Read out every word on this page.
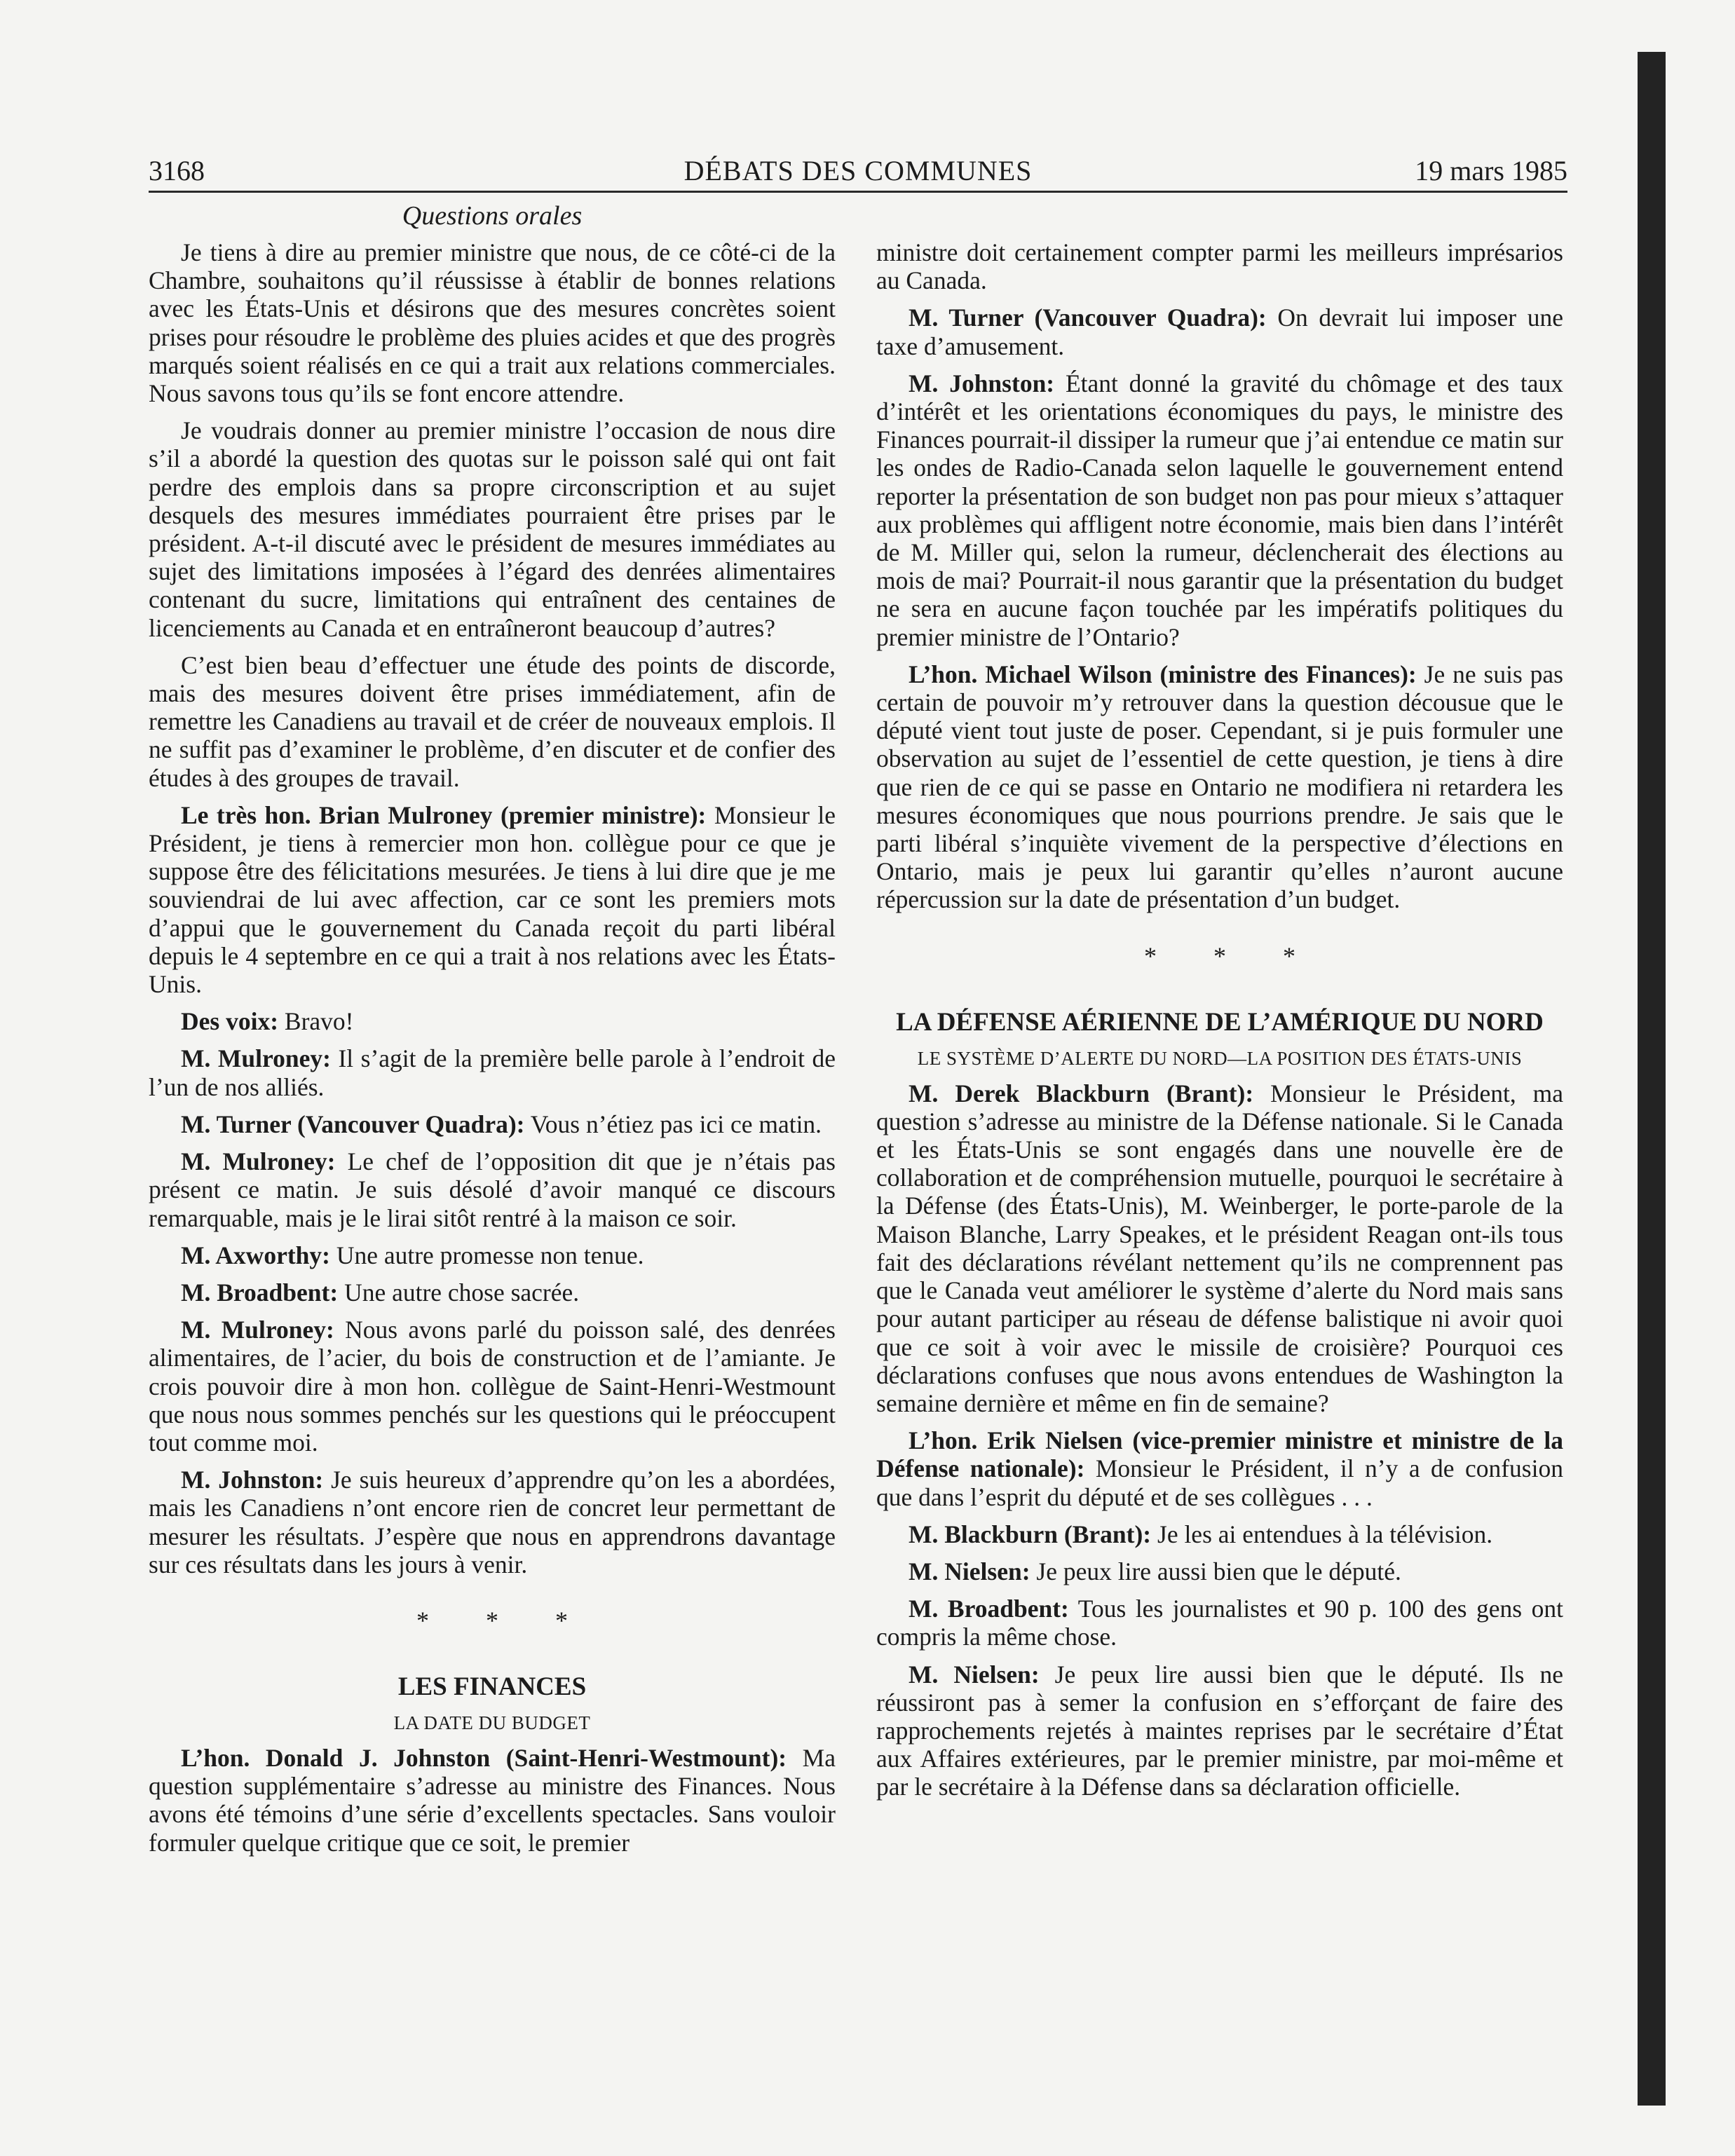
3168	DÉBATS DES COMMUNES	19 mars 1985
Questions orales

Je tiens à dire au premier ministre que nous, de ce côté-ci de la Chambre, souhaitons qu’il réussisse à établir de bonnes relations avec les États-Unis et désirons que des mesures concrètes soient prises pour résoudre le problème des pluies acides et que des progrès marqués soient réalisés en ce qui a trait aux relations commerciales. Nous savons tous qu’ils se font encore attendre.

Je voudrais donner au premier ministre l’occasion de nous dire s’il a abordé la question des quotas sur le poisson salé qui ont fait perdre des emplois dans sa propre circonscription et au sujet desquels des mesures immédiates pourraient être prises par le président. A-t-il discuté avec le président de mesures immédiates au sujet des limitations imposées à l’égard des denrées alimentaires contenant du sucre, limitations qui entraînent des centaines de licenciements au Canada et en entraîneront beaucoup d’autres?

C’est bien beau d’effectuer une étude des points de discorde, mais des mesures doivent être prises immédiatement, afin de remettre les Canadiens au travail et de créer de nouveaux emplois. Il ne suffit pas d’examiner le problème, d’en discuter et de confier des études à des groupes de travail.

Le très hon. Brian Mulroney (premier ministre): Monsieur le Président, je tiens à remercier mon hon. collègue pour ce que je suppose être des félicitations mesurées. Je tiens à lui dire que je me souviendrai de lui avec affection, car ce sont les premiers mots d’appui que le gouvernement du Canada reçoit du parti libéral depuis le 4 septembre en ce qui a trait à nos relations avec les États-Unis.

Des voix: Bravo!

M. Mulroney: Il s’agit de la première belle parole à l’endroit de l’un de nos alliés.

M. Turner (Vancouver Quadra): Vous n’étiez pas ici ce matin.

M. Mulroney: Le chef de l’opposition dit que je n’étais pas présent ce matin. Je suis désolé d’avoir manqué ce discours remarquable, mais je le lirai sitôt rentré à la maison ce soir.

M. Axworthy: Une autre promesse non tenue.

M. Broadbent: Une autre chose sacrée.

M. Mulroney: Nous avons parlé du poisson salé, des denrées alimentaires, de l’acier, du bois de construction et de l’amiante. Je crois pouvoir dire à mon hon. collègue de Saint-Henri-Westmount que nous nous sommes penchés sur les questions qui le préoccupent tout comme moi.

M. Johnston: Je suis heureux d’apprendre qu’on les a abordées, mais les Canadiens n’ont encore rien de concret leur permettant de mesurer les résultats. J’espère que nous en apprendrons davantage sur ces résultats dans les jours à venir.

* * *
LES FINANCES
LA DATE DU BUDGET

L’hon. Donald J. Johnston (Saint-Henri-Westmount): Ma question supplémentaire s’adresse au ministre des Finances. Nous avons été témoins d’une série d’excellents spectacles. Sans vouloir formuler quelque critique que ce soit, le premier

ministre doit certainement compter parmi les meilleurs imprésarios au Canada.

M. Turner (Vancouver Quadra): On devrait lui imposer une taxe d’amusement.

M. Johnston: Étant donné la gravité du chômage et des taux d’intérêt et les orientations économiques du pays, le ministre des Finances pourrait-il dissiper la rumeur que j’ai entendue ce matin sur les ondes de Radio-Canada selon laquelle le gouvernement entend reporter la présentation de son budget non pas pour mieux s’attaquer aux problèmes qui affligent notre économie, mais bien dans l’intérêt de M. Miller qui, selon la rumeur, déclencherait des élections au mois de mai? Pourrait-il nous garantir que la présentation du budget ne sera en aucune façon touchée par les impératifs politiques du premier ministre de l’Ontario?

L’hon. Michael Wilson (ministre des Finances): Je ne suis pas certain de pouvoir m’y retrouver dans la question décousue que le député vient tout juste de poser. Cependant, si je puis formuler une observation au sujet de l’essentiel de cette question, je tiens à dire que rien de ce qui se passe en Ontario ne modifiera ni retardera les mesures économiques que nous pourrions prendre. Je sais que le parti libéral s’inquiète vivement de la perspective d’élections en Ontario, mais je peux lui garantir qu’elles n’auront aucune répercussion sur la date de présentation d’un budget.

* * *
LA DÉFENSE AÉRIENNE DE L’AMÉRIQUE DU NORD
LE SYSTÈME D’ALERTE DU NORD—LA POSITION DES ÉTATS-UNIS

M. Derek Blackburn (Brant): Monsieur le Président, ma question s’adresse au ministre de la Défense nationale. Si le Canada et les États-Unis se sont engagés dans une nouvelle ère de collaboration et de compréhension mutuelle, pourquoi le secrétaire à la Défense (des États-Unis), M. Weinberger, le porte-parole de la Maison Blanche, Larry Speakes, et le président Reagan ont-ils tous fait des déclarations révélant nettement qu’ils ne comprennent pas que le Canada veut améliorer le système d’alerte du Nord mais sans pour autant participer au réseau de défense balistique ni avoir quoi que ce soit à voir avec le missile de croisière? Pourquoi ces déclarations confuses que nous avons entendues de Washington la semaine dernière et même en fin de semaine?

L’hon. Erik Nielsen (vice-premier ministre et ministre de la Défense nationale): Monsieur le Président, il n’y a de confusion que dans l’esprit du député et de ses collègues . . .

M. Blackburn (Brant): Je les ai entendues à la télévision.

M. Nielsen: Je peux lire aussi bien que le député.

M. Broadbent: Tous les journalistes et 90 p. 100 des gens ont compris la même chose.

M. Nielsen: Je peux lire aussi bien que le député. Ils ne réussiront pas à semer la confusion en s’efforçant de faire des rapprochements rejetés à maintes reprises par le secrétaire d’État aux Affaires extérieures, par le premier ministre, par moi-même et par le secrétaire à la Défense dans sa déclaration officielle.
